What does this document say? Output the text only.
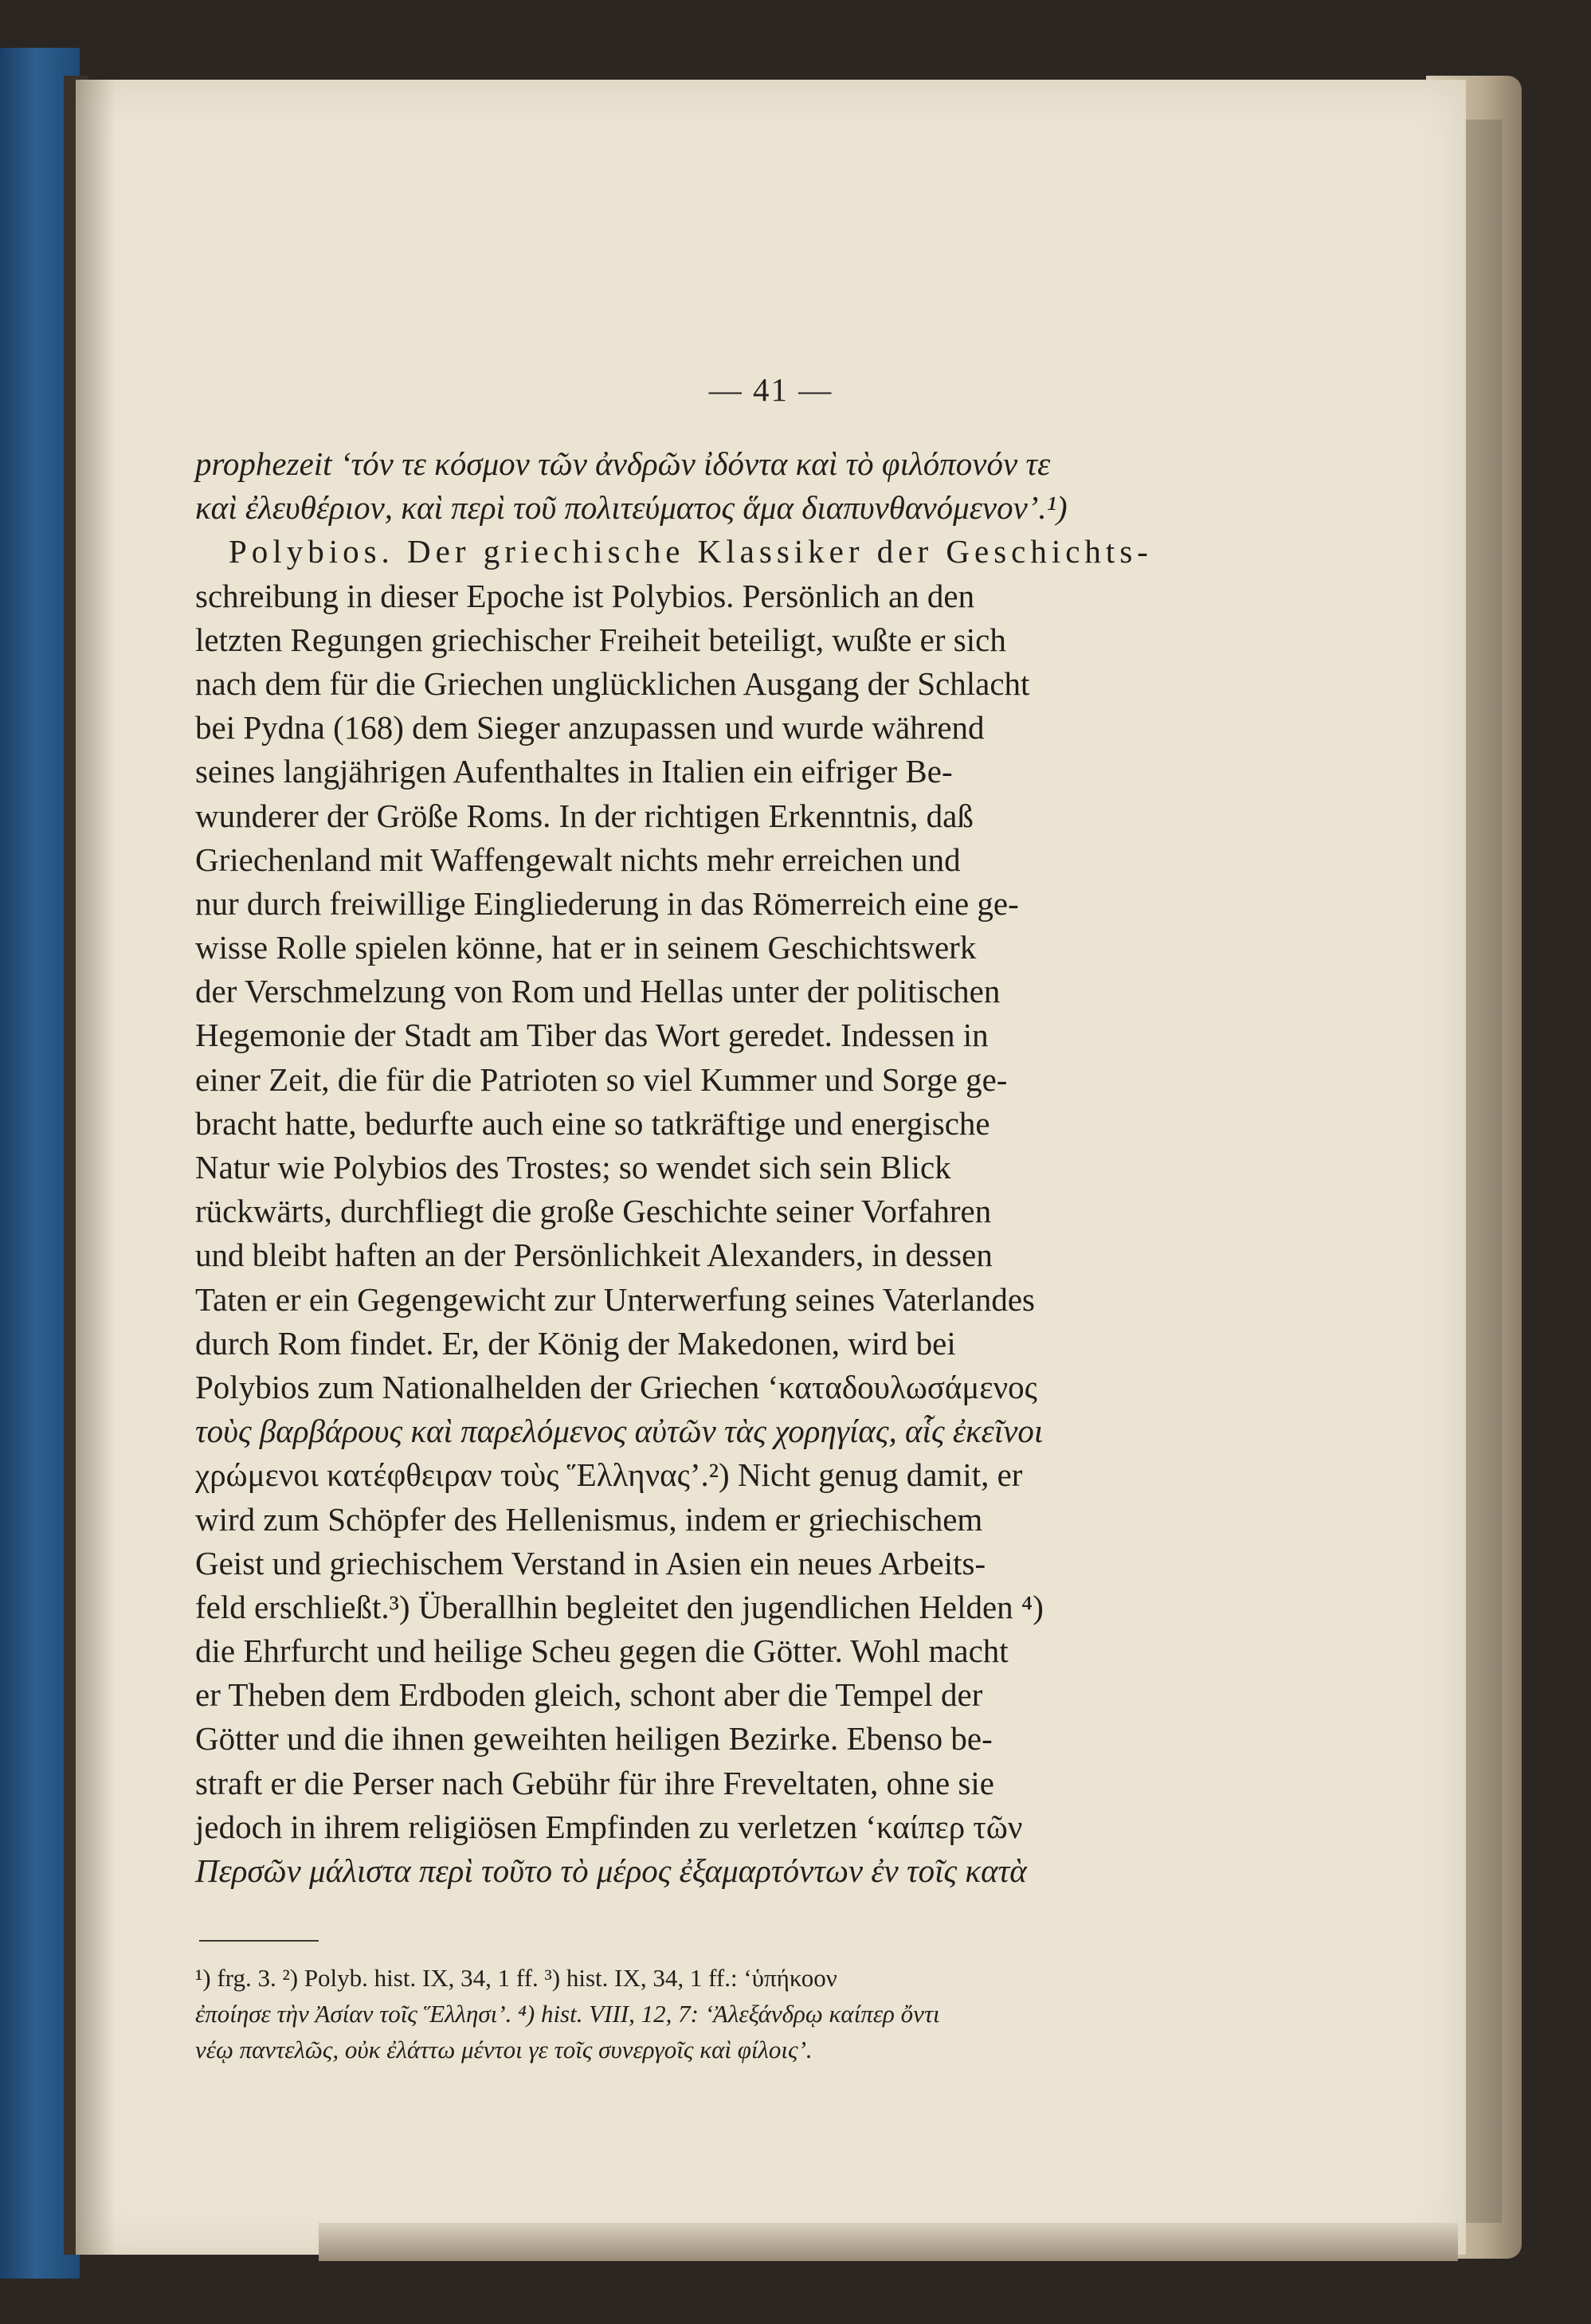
— 41 —
prophezeit ‘τόν τε κόσμον τῶν ἀνδρῶν ἰδόντα καὶ τὸ φιλόπονόν τε
καὶ ἐλευθέριον, καὶ περὶ τοῦ πολιτεύματος ἅμα διαπυνθανόμενον’.¹)
Polybios. Der griechische Klassiker der Geschichts-
schreibung in dieser Epoche ist Polybios. Persönlich an den
letzten Regungen griechischer Freiheit beteiligt, wußte er sich
nach dem für die Griechen unglücklichen Ausgang der Schlacht
bei Pydna (168) dem Sieger anzupassen und wurde während
seines langjährigen Aufenthaltes in Italien ein eifriger Be-
wunderer der Größe Roms. In der richtigen Erkenntnis, daß
Griechenland mit Waffengewalt nichts mehr erreichen und
nur durch freiwillige Eingliederung in das Römerreich eine ge-
wisse Rolle spielen könne, hat er in seinem Geschichtswerk
der Verschmelzung von Rom und Hellas unter der politischen
Hegemonie der Stadt am Tiber das Wort geredet. Indessen in
einer Zeit, die für die Patrioten so viel Kummer und Sorge ge-
bracht hatte, bedurfte auch eine so tatkräftige und energische
Natur wie Polybios des Trostes; so wendet sich sein Blick
rückwärts, durchfliegt die große Geschichte seiner Vorfahren
und bleibt haften an der Persönlichkeit Alexanders, in dessen
Taten er ein Gegengewicht zur Unterwerfung seines Vaterlandes
durch Rom findet. Er, der König der Makedonen, wird bei
Polybios zum Nationalhelden der Griechen ‘καταδουλωσάμενος
τοὺς βαρβάρους καὶ παρελόμενος αὐτῶν τὰς χορηγίας, αἷς ἐκεῖνοι
χρώμενοι κατέφθειραν τοὺς Ἕλληνας’.²) Nicht genug damit, er
wird zum Schöpfer des Hellenismus, indem er griechischem
Geist und griechischem Verstand in Asien ein neues Arbeits-
feld erschließt.³) Überallhin begleitet den jugendlichen Helden ⁴)
die Ehrfurcht und heilige Scheu gegen die Götter. Wohl macht
er Theben dem Erdboden gleich, schont aber die Tempel der
Götter und die ihnen geweihten heiligen Bezirke. Ebenso be-
straft er die Perser nach Gebühr für ihre Freveltaten, ohne sie
jedoch in ihrem religiösen Empfinden zu verletzen ‘καίπερ τῶν
Περσῶν μάλιστα περὶ τοῦτο τὸ μέρος ἐξαμαρτόντων ἐν τοῖς κατὰ
¹) frg. 3. ²) Polyb. hist. IX, 34, 1 ff. ³) hist. IX, 34, 1 ff.: ‘ὑπήκοον
ἐποίησε τὴν Ἀσίαν τοῖς Ἕλλησι’. ⁴) hist. VIII, 12, 7: ‘Ἀλεξάνδρῳ καίπερ ὄντι
νέῳ παντελῶς, οὐκ ἐλάττω μέντοι γε τοῖς συνεργοῖς καὶ φίλοις’.
